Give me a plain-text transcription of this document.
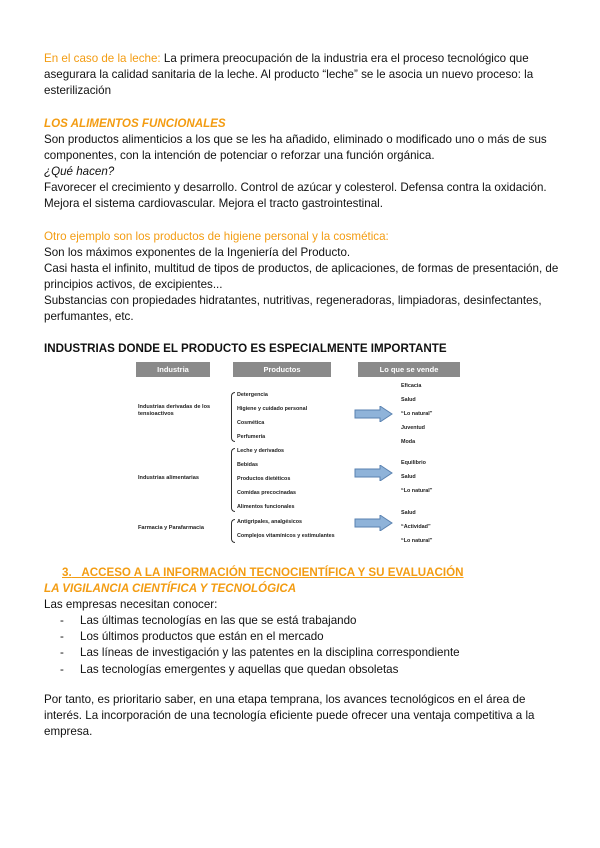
En el caso de la leche: La primera preocupación de la industria era el proceso tecnológico que asegurara la calidad sanitaria de la leche. Al producto “leche” se le asocia un nuevo proceso: la esterilización

LOS ALIMENTOS FUNCIONALES

Son productos alimenticios a los que se les ha añadido, eliminado o modificado uno o más de sus componentes, con la intención de potenciar o reforzar una función orgánica.

¿Qué hacen?

Favorecer el crecimiento y desarrollo. Control de azúcar y colesterol. Defensa contra la oxidación. Mejora el sistema cardiovascular. Mejora el tracto gastrointestinal.

Otro ejemplo son los productos de higiene personal y la cosmética:

Son los máximos exponentes de la Ingeniería del Producto.

Casi hasta el infinito, multitud de tipos de productos, de aplicaciones, de formas de presentación, de principios activos, de excipientes...

Substancias con propiedades hidratantes, nutritivas, regeneradoras, limpiadoras, desinfectantes, perfumantes, etc.

INDUSTRIAS DONDE EL PRODUCTO ES ESPECIALMENTE IMPORTANTE

Industria	Productos	Lo que se vende
Industrias derivadas de los tensioactivos
Detergencia
Higiene y cuidado personal
Cosmética
Perfumería
Eficacia
Salud
“Lo natural”
Juventud
Moda
Industrias alimentarias
Leche y derivados
Bebidas
Productos dietéticos
Comidas precocinadas
Alimentos funcionales
Equilibrio
Salud
“Lo natural”
Farmacia y Parafarmacia
Antigripales, analgésicos
Complejos vitamínicos y estimulantes
Salud
“Actividad”
“Lo natural”

3. ACCESO A LA INFORMACIÓN TECNOCIENTÍFICA Y SU EVALUACIÓN

LA VIGILANCIA CIENTÍFICA Y TECNOLÓGICA

Las empresas necesitan conocer:

- Las últimas tecnologías en las que se está trabajando
- Los últimos productos que están en el mercado
- Las líneas de investigación y las patentes en la disciplina correspondiente
- Las tecnologías emergentes y aquellas que quedan obsoletas

Por tanto, es prioritario saber, en una etapa temprana, los avances tecnológicos en el área de interés. La incorporación de una tecnología eficiente puede ofrecer una ventaja competitiva a la empresa.
